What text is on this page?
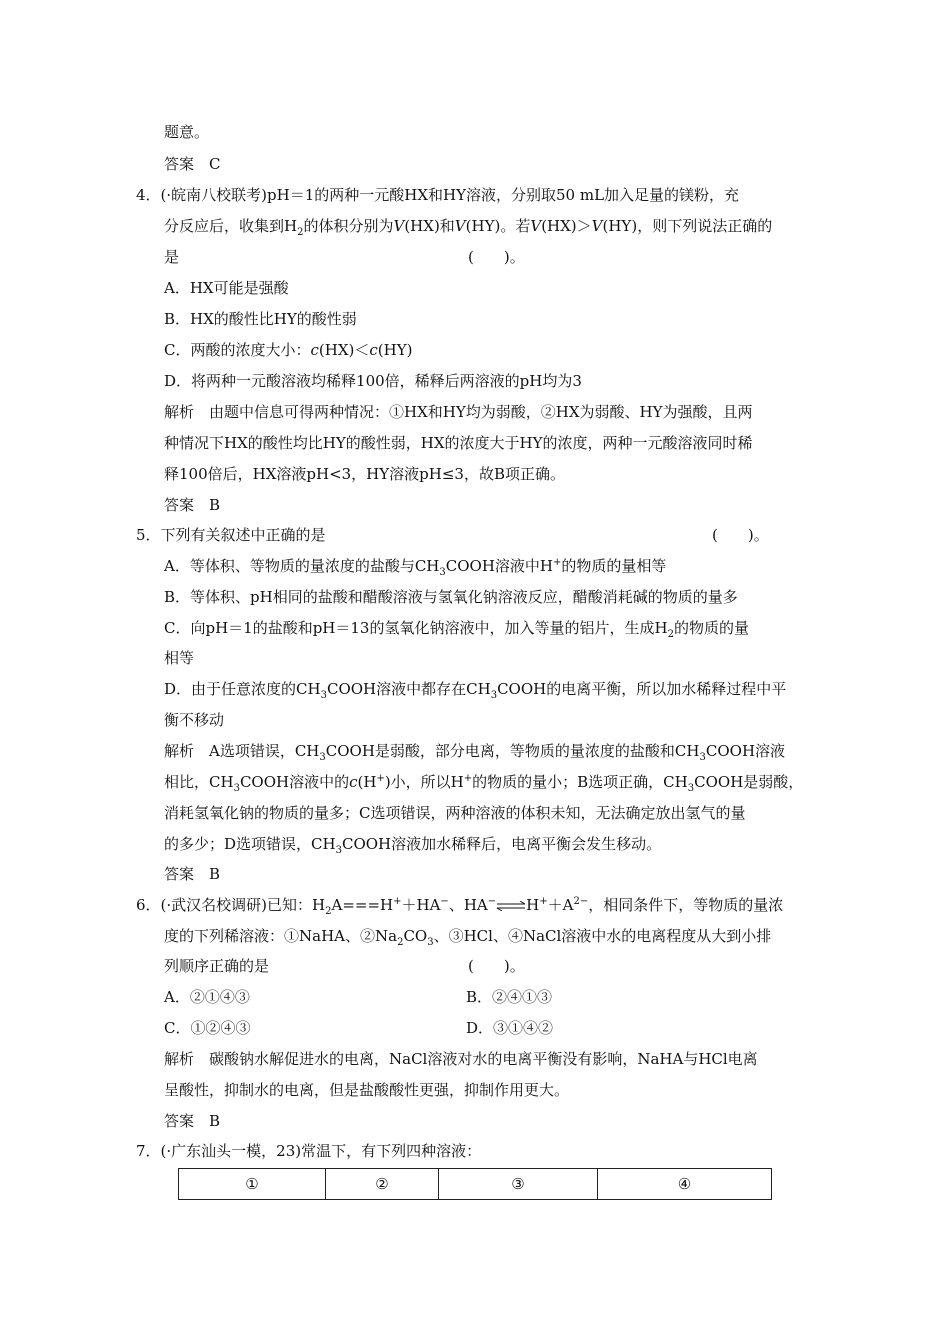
题意。
答案　C
4．(·皖南八校联考)pH＝1的两种一元酸HX和HY溶液，分别取50 mL加入足量的镁粉，充
分反应后，收集到$H_2$的体积分别为V(HX)和V(HY)。若V(HX)＞V(HY)，则下列说法正确的
是	(　　)。
A．HX可能是强酸
B．HX的酸性比HY的酸性弱
C．两酸的浓度大小：c(HX)＜c(HY)
D．将两种一元酸溶液均稀释100倍，稀释后两溶液的pH均为3
解析　由题中信息可得两种情况：①HX和HY均为弱酸，②HX为弱酸、HY为强酸，且两
种情况下HX的酸性均比HY的酸性弱，HX的浓度大于HY的浓度，两种一元酸溶液同时稀
释100倍后，HX溶液pH<3，HY溶液pH≤3，故B项正确。
答案　B
5．下列有关叙述中正确的是	(　　)。
A．等体积、等物质的量浓度的盐酸与$CH_3COOH$溶液中H+的物质的量相等
B．等体积、pH相同的盐酸和醋酸溶液与氢氧化钠溶液反应，醋酸消耗碱的物质的量多
C．向pH＝1的盐酸和pH＝13的氢氧化钠溶液中，加入等量的铝片，生成$H_2$的物质的量
相等
D．由于任意浓度的$CH_3COOH$溶液中都存在$CH_3COOH$的电离平衡，所以加水稀释过程中平
衡不移动
解析　A选项错误，$CH_3COOH$是弱酸，部分电离，等物质的量浓度的盐酸和$CH_3COOH$溶液
相比，$CH_3COOH$溶液中的c(H+)小，所以H+的物质的量小；B选项正确，$CH_3COOH$是弱酸，
消耗氢氧化钠的物质的量多；C选项错误，两种溶液的体积未知，无法确定放出氢气的量
的多少；D选项错误，$CH_3COOH$溶液加水稀释后，电离平衡会发生移动。
答案　B
6．(·武汉名校调研)已知：$H_2A===H^++HA^-$、$HA^-\rightleftharpoons H^++A^{2-}$，相同条件下，等物质的量浓
度的下列稀溶液：①NaHA、$②Na_2CO_3$、③HCl、④NaCl溶液中水的电离程度从大到小排
列顺序正确的是	(　　)。
A．②①④③	B．②④①③
C．①②④③	D．③①④②
解析　碳酸钠水解促进水的电离，NaCl溶液对水的电离平衡没有影响，NaHA与HCl电离
呈酸性，抑制水的电离，但是盐酸酸性更强，抑制作用更大。
答案　B
7．(·广东汕头一模，23)常温下，有下列四种溶液：
①	②	③	④
